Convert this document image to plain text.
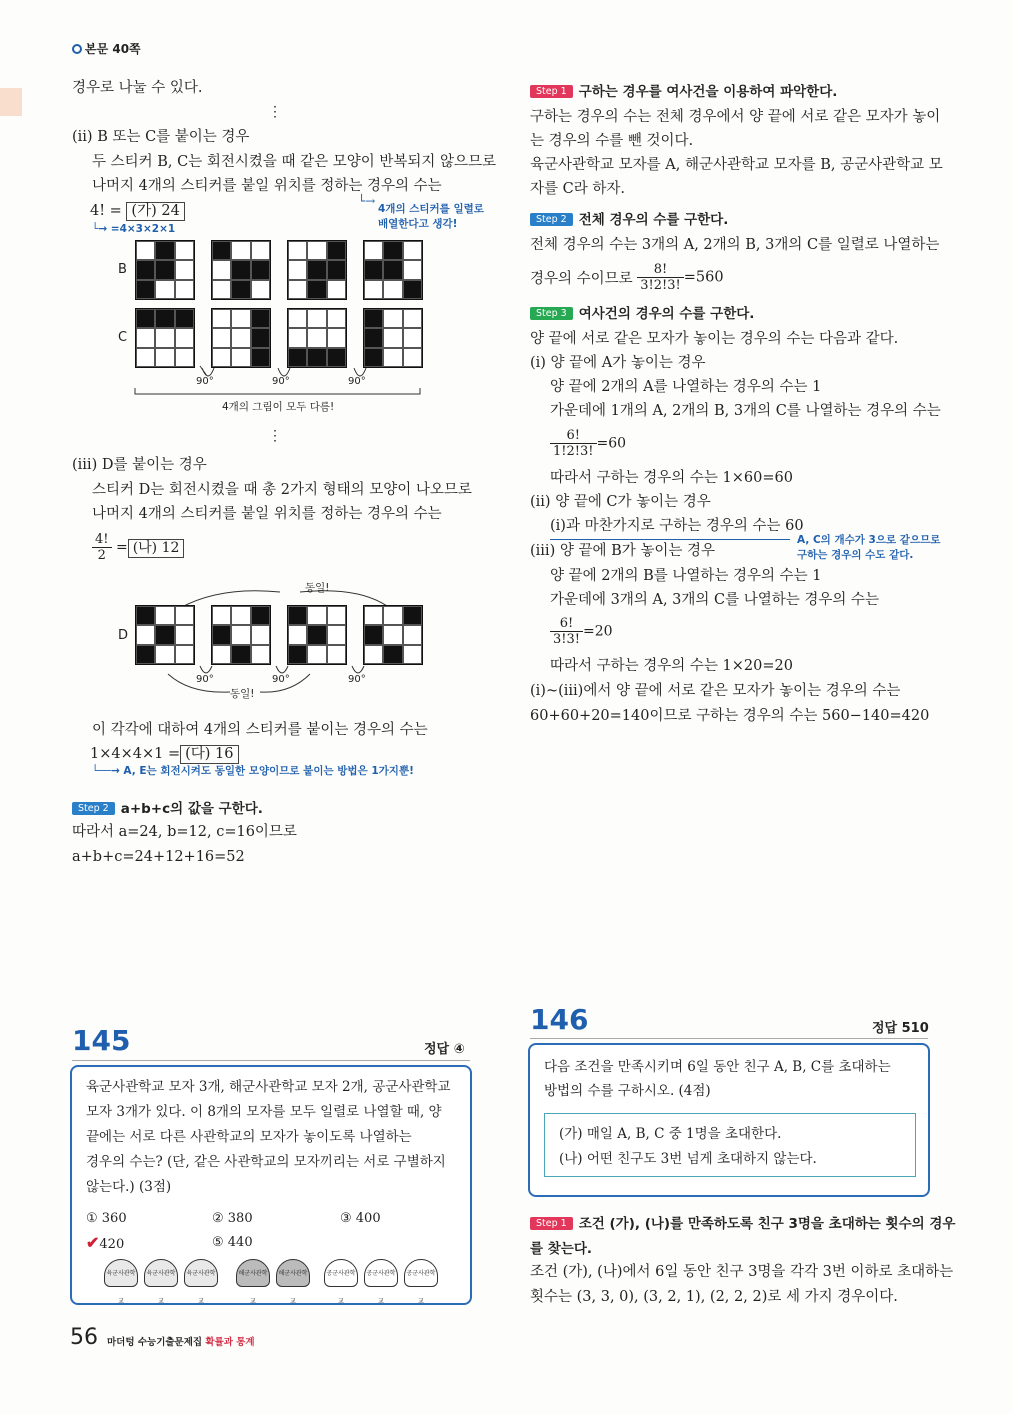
본문 40쪽
경우로 나눌 수 있다.
⋮
(ⅱ) B 또는 C를 붙이는 경우
두 스티커 B, C는 회전시켰을 때 같은 모양이 반복되지 않으므로
나머지 4개의 스티커를 붙일 위치를 정하는 경우의 수는
4! = (가) 24
└→ =4×3×2×1
4개의 스티커를 일렬로
배열한다고 생각!
└→
B
C
90°	90°	90°
4개의 그림이 모두 다름!
⋮
(ⅲ) D를 붙이는 경우
스티커 D는 회전시켰을 때 총 2가지 형태의 모양이 나오므로
나머지 4개의 스티커를 붙일 위치를 정하는 경우의 수는
$\frac{4!}{2}$ = (나) 12
동일!
D
90°	90°	90°
동일!
이 각각에 대하여 4개의 스티커를 붙이는 경우의 수는
1×4×4×1 = (다) 16
└──→ A, E는 회전시켜도 동일한 모양이므로 붙이는 방법은 1가지뿐!
Step 2 a+b+c의 값을 구한다.
따라서 a=24, b=12, c=16이므로
a+b+c=24+12+16=52
Step 1 구하는 경우를 여사건을 이용하여 파악한다.
구하는 경우의 수는 전체 경우에서 양 끝에 서로 같은 모자가 놓이
는 경우의 수를 뺀 것이다.
육군사관학교 모자를 A, 해군사관학교 모자를 B, 공군사관학교 모
자를 C라 하자.
Step 2 전체 경우의 수를 구한다.
전체 경우의 수는 3개의 A, 2개의 B, 3개의 C를 일렬로 나열하는
경우의 수이므로 $\frac{8!}{3!2!3!} =560$
Step 3 여사건의 경우의 수를 구한다.
양 끝에 서로 같은 모자가 놓이는 경우의 수는 다음과 같다.
(ⅰ) 양 끝에 A가 놓이는 경우
양 끝에 2개의 A를 나열하는 경우의 수는 1
가운데에 1개의 A, 2개의 B, 3개의 C를 나열하는 경우의 수는
$\frac{6!}{1!2!3!} =60$
따라서 구하는 경우의 수는 1×60=60
(ⅱ) 양 끝에 C가 놓이는 경우
(ⅰ)과 마찬가지로 구하는 경우의 수는 60
A, C의 개수가 3으로 같으므로
구하는 경우의 수도 같다.
(ⅲ) 양 끝에 B가 놓이는 경우
양 끝에 2개의 B를 나열하는 경우의 수는 1
가운데에 3개의 A, 3개의 C를 나열하는 경우의 수는
$\frac{6!}{3!3!} =20$
따라서 구하는 경우의 수는 1×20=20
(ⅰ)~(ⅲ)에서 양 끝에 서로 같은 모자가 놓이는 경우의 수는
60+60+20=140이므로 구하는 경우의 수는 560−140=420
145	정답 ④
육군사관학교 모자 3개, 해군사관학교 모자 2개, 공군사관학교
모자 3개가 있다. 이 8개의 모자를 모두 일렬로 나열할 때, 양
끝에는 서로 다른 사관학교의 모자가 놓이도록 나열하는
경우의 수는? (단, 같은 사관학교의 모자끼리는 서로 구별하지
않는다.) (3점)
① 360	② 380	③ 400
✔420	⑤ 440
육군사관학교
육군사관학교
육군사관학교
해군사관학교
해군사관학교
공군사관학교
공군사관학교
공군사관학교
146	정답 510
다음 조건을 만족시키며 6일 동안 친구 A, B, C를 초대하는
방법의 수를 구하시오. (4점)
(가) 매일 A, B, C 중 1명을 초대한다.
(나) 어떤 친구도 3번 넘게 초대하지 않는다.
Step 1 조건 (가), (나)를 만족하도록 친구 3명을 초대하는 횟수의 경우
를 찾는다.
조건 (가), (나)에서 6일 동안 친구 3명을 각각 3번 이하로 초대하는
횟수는 (3, 3, 0), (3, 2, 1), (2, 2, 2)로 세 가지 경우이다.
56 마더텅 수능기출문제집 확률과 통계
